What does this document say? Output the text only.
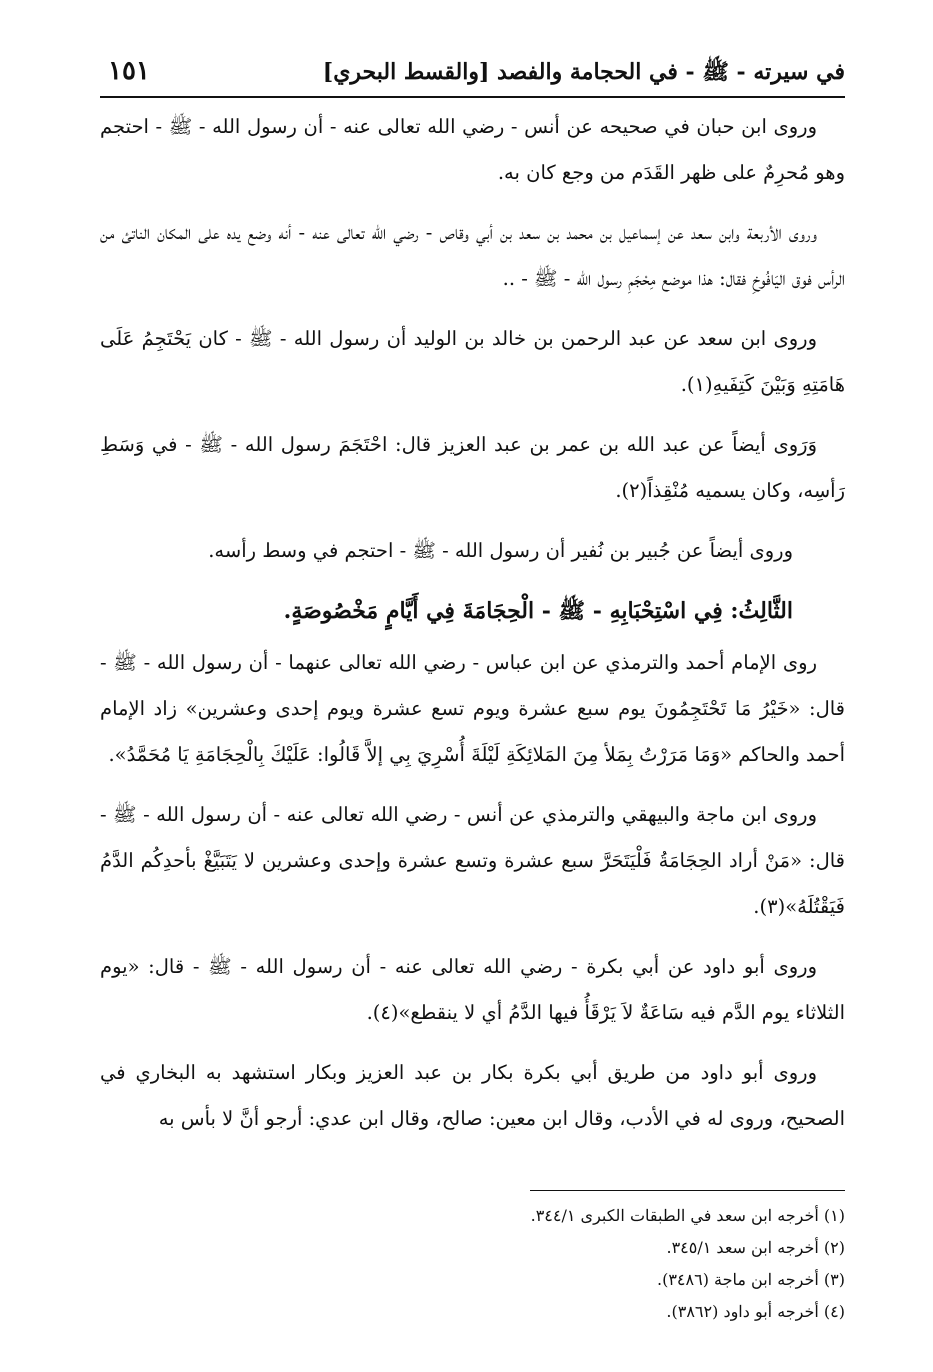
في سيرته - ﷺ - في الحجامة والفصد [والقسط البحري]
١٥١

وروى ابن حبان في صحيحه عن أنس - رضي الله تعالى عنه - أن رسول الله - ﷺ - احتجم وهو مُحرِمٌ على ظهر القَدَم من وجع كان به.

وروى الأربعة وابن سعد عن إسماعيل بن محمد بن سعد بن أبي وقاص - رضي الله تعالى عنه - أنه وضع يده على المكان الناتئ من الرأس فوق اليَافُوخِ فقال: هذا موضع مِحْجَمِ رسول الله - ﷺ - ..

وروى ابن سعد عن عبد الرحمن بن خالد بن الوليد أن رسول الله - ﷺ - كان يَحْتَجِمُ عَلَى هَامَتِهِ وَبَيْنَ كَتِفَيهِ(١).

وَرَوى أيضاً عن عبد الله بن عمر بن عبد العزيز قال: احْتَجَمَ رسول الله - ﷺ - في وَسَطِ رَأسِه، وكان يسميه مُنْقِذاً(٢).

وروى أيضاً عن جُبير بن نُفير أن رسول الله - ﷺ - احتجم في وسط رأسه.

الثَّالِثُ: فِي اسْتِحْبَابِهِ - ﷺ - الْحِجَامَةَ فِي أَيَّامٍ مَخْصُوصَةٍ.

روى الإمام أحمد والترمذي عن ابن عباس - رضي الله تعالى عنهما - أن رسول الله - ﷺ - قال: «خَيْرُ مَا تَحْتَجِمُونَ يوم سبع عشرة ويوم تسع عشرة ويوم إحدى وعشرين» زاد الإمام أحمد والحاكم «وَمَا مَرَرْتُ بِمَلأ مِنَ المَلائِكَةِ لَيْلَةَ أُسْرِيَ بِي إلاَّ قَالُوا: عَلَيْكَ بِالْحِجَامَةِ يَا مُحَمَّدُ».

وروى ابن ماجة والبيهقي والترمذي عن أنس - رضي الله تعالى عنه - أن رسول الله - ﷺ - قال: «مَنْ أراد الحِجَامَةُ فَلْيَتَحَرَّ سبع عشرة وتسع عشرة وإحدى وعشرين لا يَتَبَيَّغْ بأحدِكُم الدَّمُ فَيَقْتُلَهُ»(٣).

وروى أبو داود عن أبي بكرة - رضي الله تعالى عنه - أن رسول الله - ﷺ - قال: «يوم الثلاثاء يوم الدَّم فيه سَاعَةٌ لاَ يَرْقَأُ فيها الدَّمُ أي لا ينقطع»(٤).

وروى أبو داود من طريق أبي بكرة بكار بن عبد العزيز وبكار استشهد به البخاري في الصحيح، وروى له في الأدب، وقال ابن معين: صالح، وقال ابن عدي: أرجو أنَّ لا بأس به

(١) أخرجه ابن سعد في الطبقات الكبرى ٣٤٤/١.

(٢) أخرجه ابن سعد ٣٤٥/١.

(٣) أخرجه ابن ماجة (٣٤٨٦).

(٤) أخرجه أبو داود (٣٨٦٢).
